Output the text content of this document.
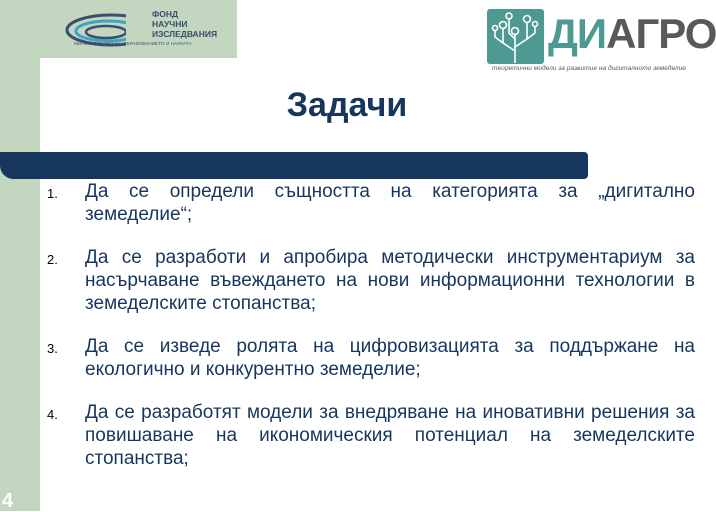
4
ФОНД
НАУЧНИ
ИЗСЛЕДВАНИЯ
МИНИСТЕРСТВО НА ОБРАЗОВАНИЕТО И НАУКАТА	ДИАГРО
теоретични модели за развитие на дигиталното земеделие
Задачи
1. Да се определи същността на категорията за „дигитално земеделие“;
2. Да се разработи и апробира методически инструментариум за насърчаване въвеждането на нови информационни технологии в земеделските стопанства;
3. Да се изведе ролята на цифровизацията за поддържане на екологично и конкурентно земеделие;
4. Да се разработят модели за внедряване на иновативни решения за повишаване на икономическия потенциал на земеделските стопанства;
